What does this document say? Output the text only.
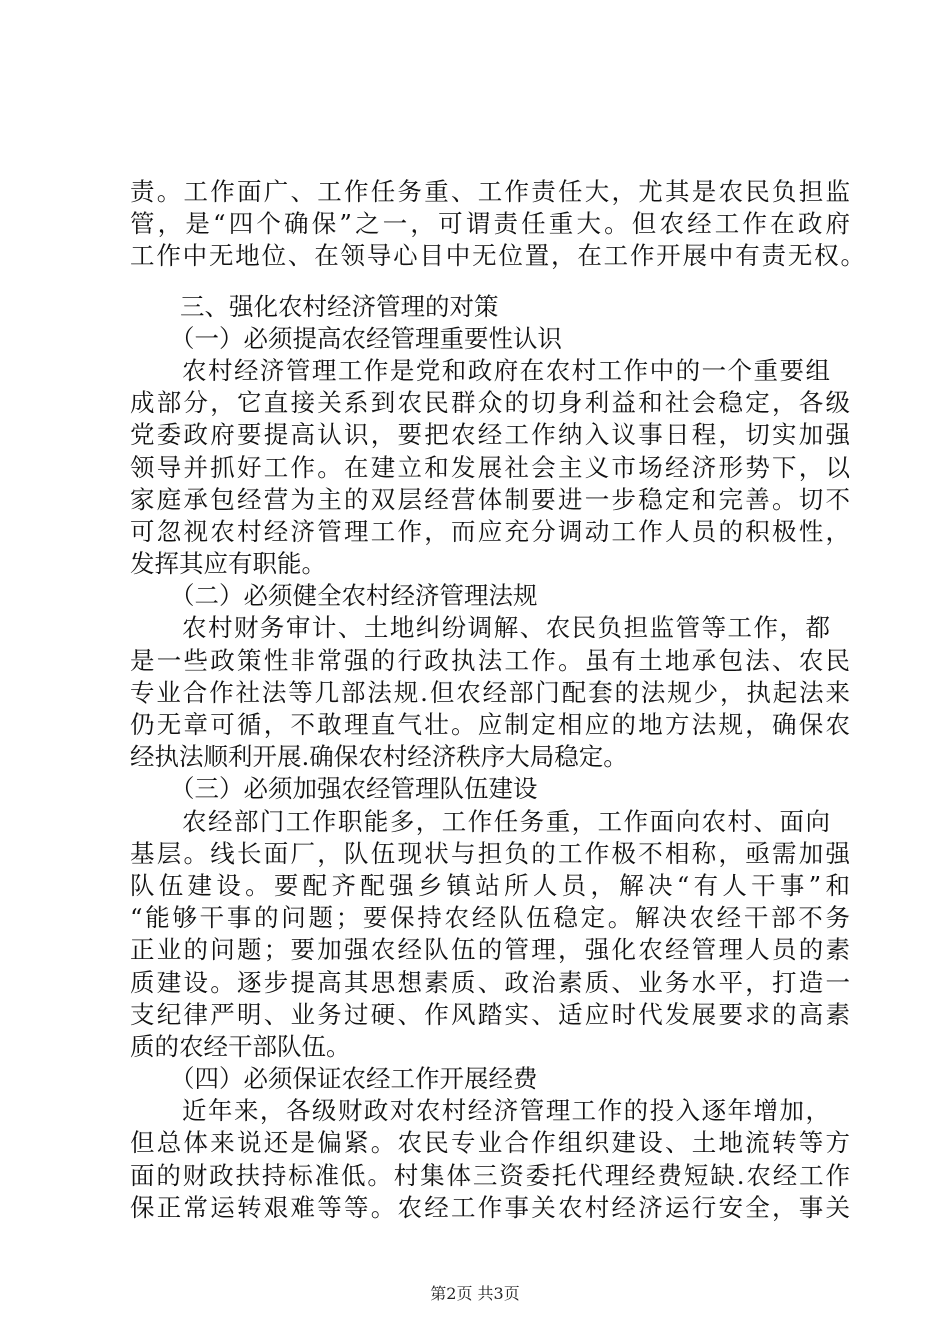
责。工作面广、工作任务重、工作责任大，尤其是农民负担监
管，是“四个确保”之一，可谓责任重大。但农经工作在政府
工作中无地位、在领导心目中无位置，在工作开展中有责无权。
三、强化农村经济管理的对策
（一）必须提高农经管理重要性认识
农村经济管理工作是党和政府在农村工作中的一个重要组
成部分，它直接关系到农民群众的切身利益和社会稳定，各级
党委政府要提高认识，要把农经工作纳入议事日程，切实加强
领导并抓好工作。在建立和发展社会主义市场经济形势下，以
家庭承包经营为主的双层经营体制要进一步稳定和完善。切不
可忽视农村经济管理工作，而应充分调动工作人员的积极性，
发挥其应有职能。
（二）必须健全农村经济管理法规
农村财务审计、土地纠纷调解、农民负担监管等工作，都
是一些政策性非常强的行政执法工作。虽有土地承包法、农民
专业合作社法等几部法规.但农经部门配套的法规少，执起法来
仍无章可循，不敢理直气壮。应制定相应的地方法规，确保农
经执法顺利开展.确保农村经济秩序大局稳定。
（三）必须加强农经管理队伍建设
农经部门工作职能多，工作任务重，工作面向农村、面向
基层。线长面厂，队伍现状与担负的工作极不相称，亟需加强
队伍建设。要配齐配强乡镇站所人员，解决“有人干事”和
“能够干事的问题；要保持农经队伍稳定。解决农经干部不务
正业的问题；要加强农经队伍的管理，强化农经管理人员的素
质建设。逐步提高其思想素质、政治素质、业务水平，打造一
支纪律严明、业务过硬、作风踏实、适应时代发展要求的高素
质的农经干部队伍。
（四）必须保证农经工作开展经费
近年来，各级财政对农村经济管理工作的投入逐年增加，
但总体来说还是偏紧。农民专业合作组织建设、土地流转等方
面的财政扶持标准低。村集体三资委托代理经费短缺.农经工作
保正常运转艰难等等。农经工作事关农村经济运行安全，事关
第2页 共3页
